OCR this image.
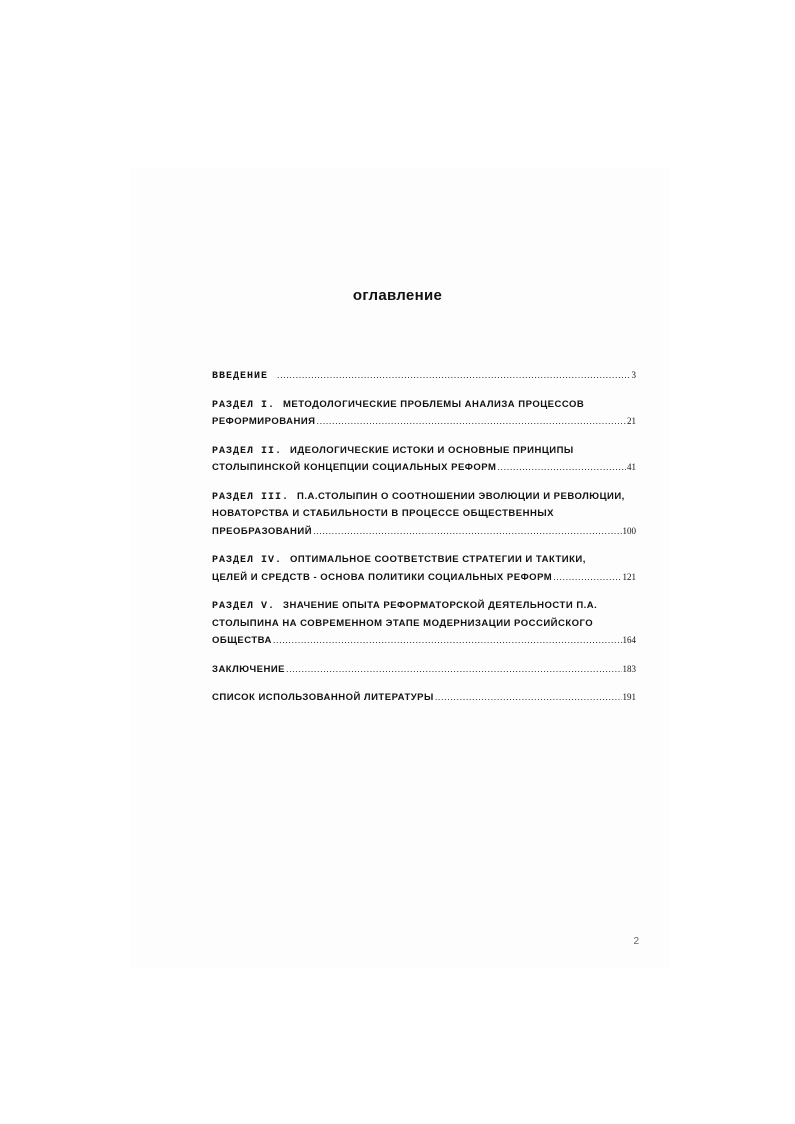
оглавление
ВВЕДЕНИЕ .....	3
РАЗДЕЛ I. МЕТОДОЛОГИЧЕСКИЕ ПРОБЛЕМЫ АНАЛИЗА ПРОЦЕССОВ
РЕФОРМИРОВАНИЯ .....	21
РАЗДЕЛ II. ИДЕОЛОГИЧЕСКИЕ ИСТОКИ И ОСНОВНЫЕ ПРИНЦИПЫ
СТОЛЫПИНСКОЙ КОНЦЕПЦИИ СОЦИАЛЬНЫХ РЕФОРМ .....	41
РАЗДЕЛ III. П.А.СТОЛЫПИН О СООТНОШЕНИИ ЭВОЛЮЦИИ И РЕВОЛЮЦИИ,
НОВАТОРСТВА И СТАБИЛЬНОСТИ В ПРОЦЕССЕ ОБЩЕСТВЕННЫХ
ПРЕОБРАЗОВАНИЙ .....	100
РАЗДЕЛ IV. ОПТИМАЛЬНОЕ СООТВЕТСТВИЕ СТРАТЕГИИ И ТАКТИКИ,
ЦЕЛЕЙ И СРЕДСТВ - ОСНОВА ПОЛИТИКИ СОЦИАЛЬНЫХ РЕФОРМ .....	121
РАЗДЕЛ V. ЗНАЧЕНИЕ ОПЫТА РЕФОРМАТОРСКОЙ ДЕЯТЕЛЬНОСТИ П.А.
СТОЛЫПИНА НА СОВРЕМЕННОМ ЭТАПЕ МОДЕРНИЗАЦИИ РОССИЙСКОГО
ОБЩЕСТВА .....	164
ЗАКЛЮЧЕНИЕ .....	183
СПИСОК ИСПОЛЬЗОВАННОЙ ЛИТЕРАТУРЫ .....	191
2
